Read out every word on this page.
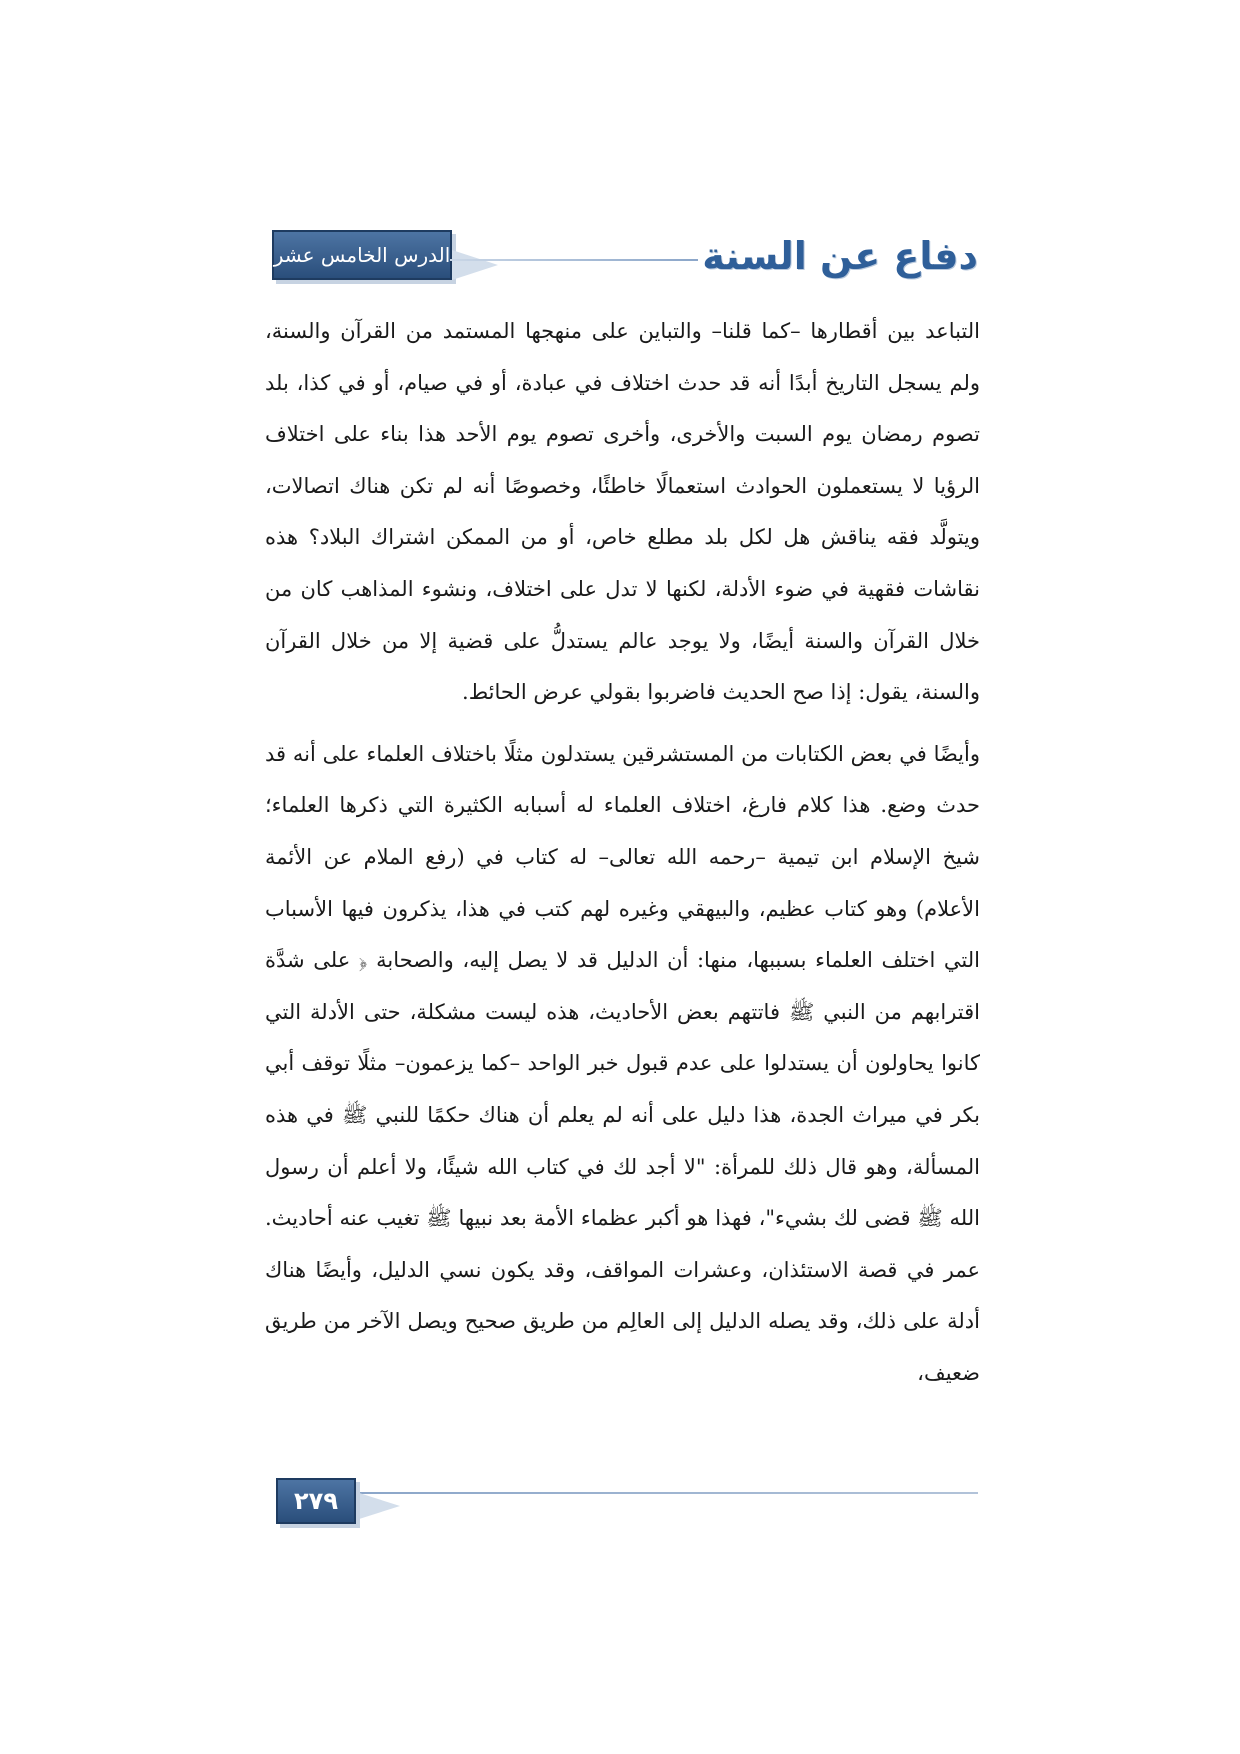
الدرس الخامس عشر	دفاع عن السنة

التباعد بين أقطارها –كما قلنا– والتباين على منهجها المستمد من القرآن والسنة، ولم يسجل التاريخ أبدًا أنه قد حدث اختلاف في عبادة، أو في صيام، أو في كذا، بلد تصوم رمضان يوم السبت والأخرى، وأخرى تصوم يوم الأحد هذا بناء على اختلاف الرؤيا لا يستعملون الحوادث استعمالًا خاطئًا، وخصوصًا أنه لم تكن هناك اتصالات، ويتولَّد فقه يناقش هل لكل بلد مطلع خاص، أو من الممكن اشتراك البلاد؟ هذه نقاشات فقهية في ضوء الأدلة، لكنها لا تدل على اختلاف، ونشوء المذاهب كان من خلال القرآن والسنة أيضًا، ولا يوجد عالم يستدلُّ على قضية إلا من خلال القرآن والسنة، يقول: إذا صح الحديث فاضربوا بقولي عرض الحائط.

وأيضًا في بعض الكتابات من المستشرقين يستدلون مثلًا باختلاف العلماء على أنه قد حدث وضع. هذا كلام فارغ، اختلاف العلماء له أسبابه الكثيرة التي ذكرها العلماء؛ شيخ الإسلام ابن تيمية –رحمه الله تعالى– له كتاب في (رفع الملام عن الأئمة الأعلام) وهو كتاب عظيم، والبيهقي وغيره لهم كتب في هذا، يذكرون فيها الأسباب التي اختلف العلماء بسببها، منها: أن الدليل قد لا يصل إليه، والصحابة ﴿ على شدَّة اقترابهم من النبي ﷺ فاتتهم بعض الأحاديث، هذه ليست مشكلة، حتى الأدلة التي كانوا يحاولون أن يستدلوا على عدم قبول خبر الواحد –كما يزعمون– مثلًا توقف أبي بكر في ميراث الجدة، هذا دليل على أنه لم يعلم أن هناك حكمًا للنبي ﷺ في هذه المسألة، وهو قال ذلك للمرأة: "لا أجد لك في كتاب الله شيئًا، ولا أعلم أن رسول الله ﷺ قضى لك بشيء"، فهذا هو أكبر عظماء الأمة بعد نبيها ﷺ تغيب عنه أحاديث. عمر في قصة الاستئذان، وعشرات المواقف، وقد يكون نسي الدليل، وأيضًا هناك أدلة على ذلك، وقد يصله الدليل إلى العالِم من طريق صحيح ويصل الآخر من طريق ضعيف،

٢٧٩
